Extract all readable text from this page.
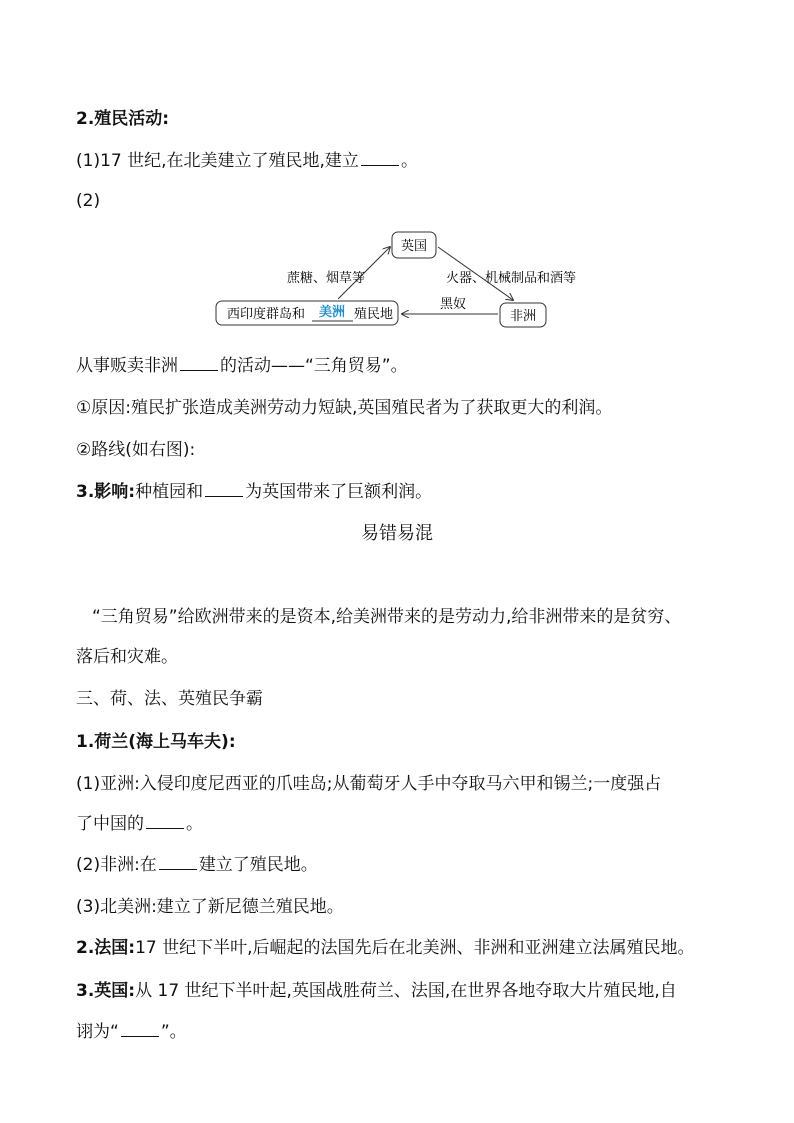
2.殖民活动:
(1)17 世纪,在北美建立了殖民地,建立 。
(2)
英国
西印度群岛和 美洲 殖民地	非洲
蔗糖、烟草等	火器、机械制品和酒等
黑奴
从事贩卖非洲 的活动——“三角贸易”。
①原因:殖民扩张造成美洲劳动力短缺,英国殖民者为了获取更大的利润。
②路线(如右图):
3.影响:种植园和 为英国带来了巨额利润。
易错易混
“三角贸易”给欧洲带来的是资本,给美洲带来的是劳动力,给非洲带来的是贫穷、
落后和灾难。
三、荷、法、英殖民争霸
1.荷兰(海上马车夫):
(1)亚洲:入侵印度尼西亚的爪哇岛;从葡萄牙人手中夺取马六甲和锡兰;一度强占
了中国的 。
(2)非洲:在 建立了殖民地。
(3)北美洲:建立了新尼德兰殖民地。
2.法国:17 世纪下半叶,后崛起的法国先后在北美洲、非洲和亚洲建立法属殖民地。
3.英国:从 17 世纪下半叶起,英国战胜荷兰、法国,在世界各地夺取大片殖民地,自
诩为“ ”。
